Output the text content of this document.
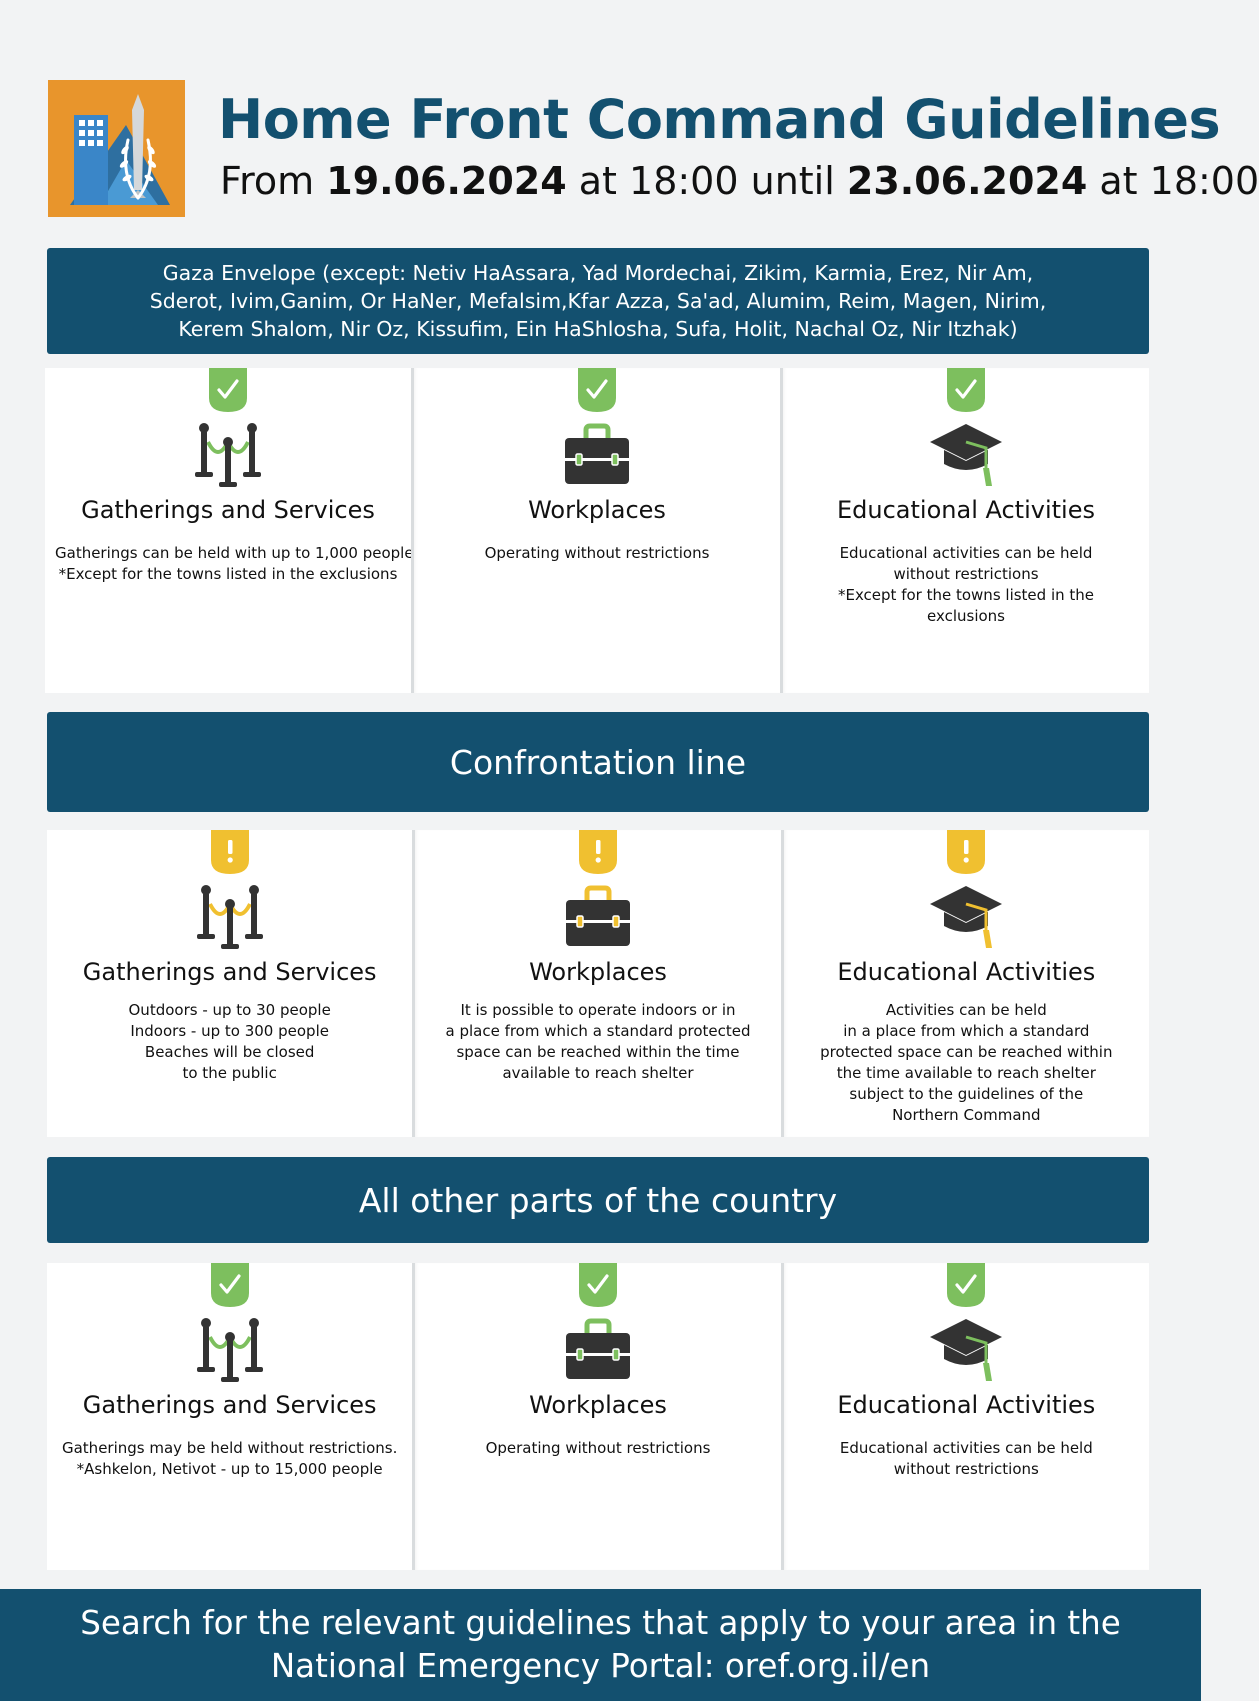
Home Front Command Guidelines

From 19.06.2024 at 18:00 until 23.06.2024 at 18:00

Gaza Envelope (except: Netiv HaAssara, Yad Mordechai, Zikim, Karmia, Erez, Nir Am,
Sderot, Ivim,Ganim, Or HaNer, Mefalsim,Kfar Azza, Sa'ad, Alumim, Reim, Magen, Nirim,
Kerem Shalom, Nir Oz, Kissufim, Ein HaShlosha, Sufa, Holit, Nachal Oz, Nir Itzhak)
Gatherings and Services
Gatherings can be held with up to 1,000 people
*Except for the towns listed in the exclusions
Workplaces
Operating without restrictions
Educational Activities
Educational activities can be held
without restrictions
*Except for the towns listed in the
exclusions
Confrontation line
Gatherings and Services
Outdoors - up to 30 people
Indoors - up to 300 people
Beaches will be closed
to the public
Workplaces
It is possible to operate indoors or in
a place from which a standard protected
space can be reached within the time
available to reach shelter
Educational Activities
Activities can be held
in a place from which a standard
protected space can be reached within
the time available to reach shelter
subject to the guidelines of the
Northern Command
All other parts of the country
Gatherings and Services
Gatherings may be held without restrictions.
*Ashkelon, Netivot - up to 15,000 people
Workplaces
Operating without restrictions
Educational Activities
Educational activities can be held
without restrictions
Search for the relevant guidelines that apply to your area in the
National Emergency Portal: oref.org.il/en
